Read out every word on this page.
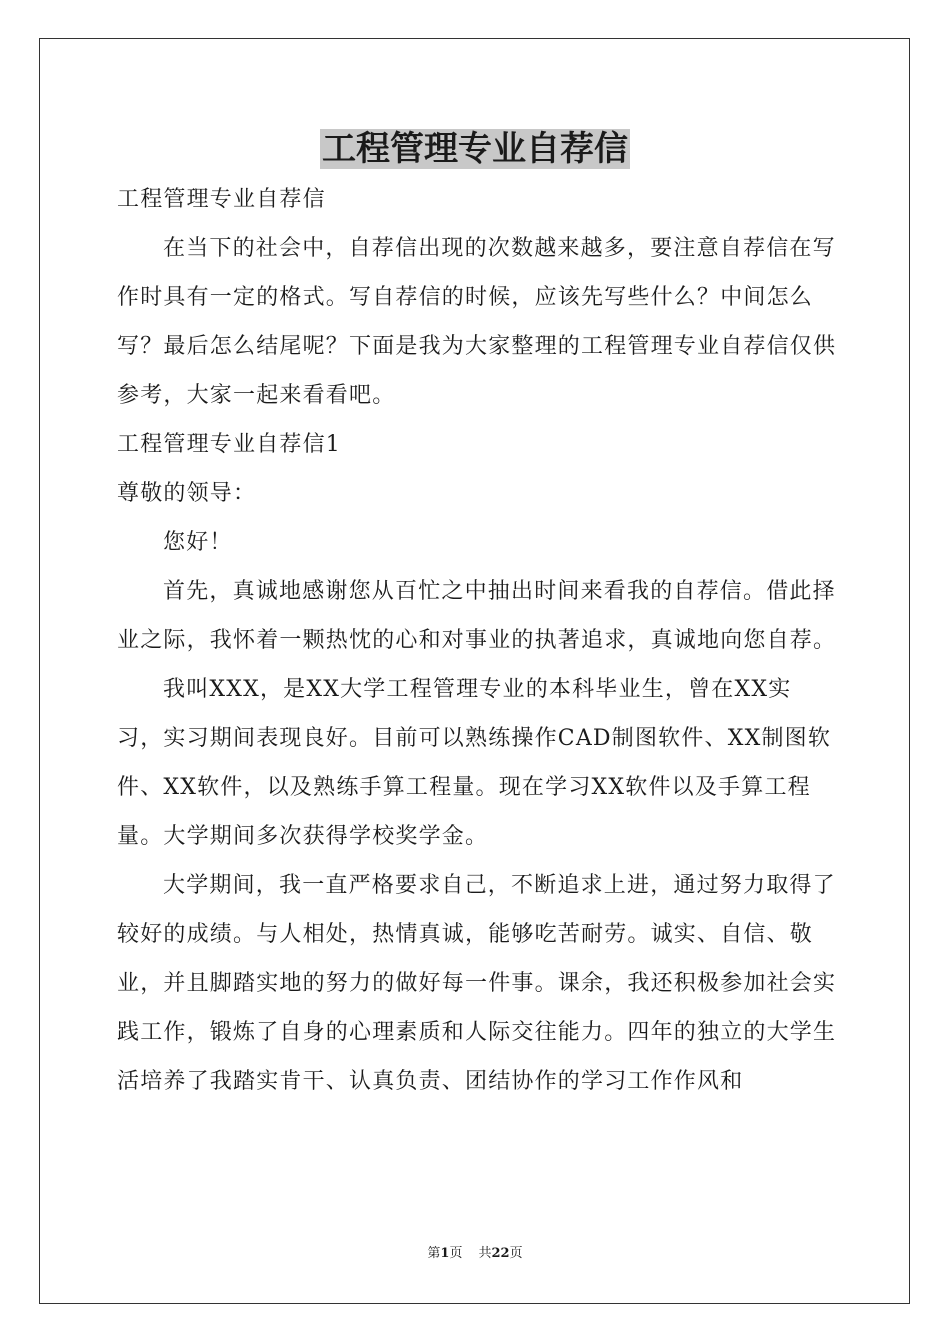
工程管理专业自荐信

工程管理专业自荐信

在当下的社会中，自荐信出现的次数越来越多，要注意自荐信在写作时具有一定的格式。写自荐信的时候，应该先写些什么？中间怎么写？最后怎么结尾呢？下面是我为大家整理的工程管理专业自荐信仅供参考，大家一起来看看吧。

工程管理专业自荐信1

尊敬的领导：

您好！

首先，真诚地感谢您从百忙之中抽出时间来看我的自荐信。借此择业之际，我怀着一颗热忱的心和对事业的执著追求，真诚地向您自荐。

我叫XXX，是XX大学工程管理专业的本科毕业生，曾在XX实习，实习期间表现良好。目前可以熟练操作CAD制图软件、XX制图软件、XX软件，以及熟练手算工程量。现在学习XX软件以及手算工程量。大学期间多次获得学校奖学金。

大学期间，我一直严格要求自己，不断追求上进，通过努力取得了较好的成绩。与人相处，热情真诚，能够吃苦耐劳。诚实、自信、敬业，并且脚踏实地的努力的做好每一件事。课余，我还积极参加社会实践工作，锻炼了自身的心理素质和人际交往能力。四年的独立的大学生活培养了我踏实肯干、认真负责、团结协作的学习工作作风和

第1页 共22页
